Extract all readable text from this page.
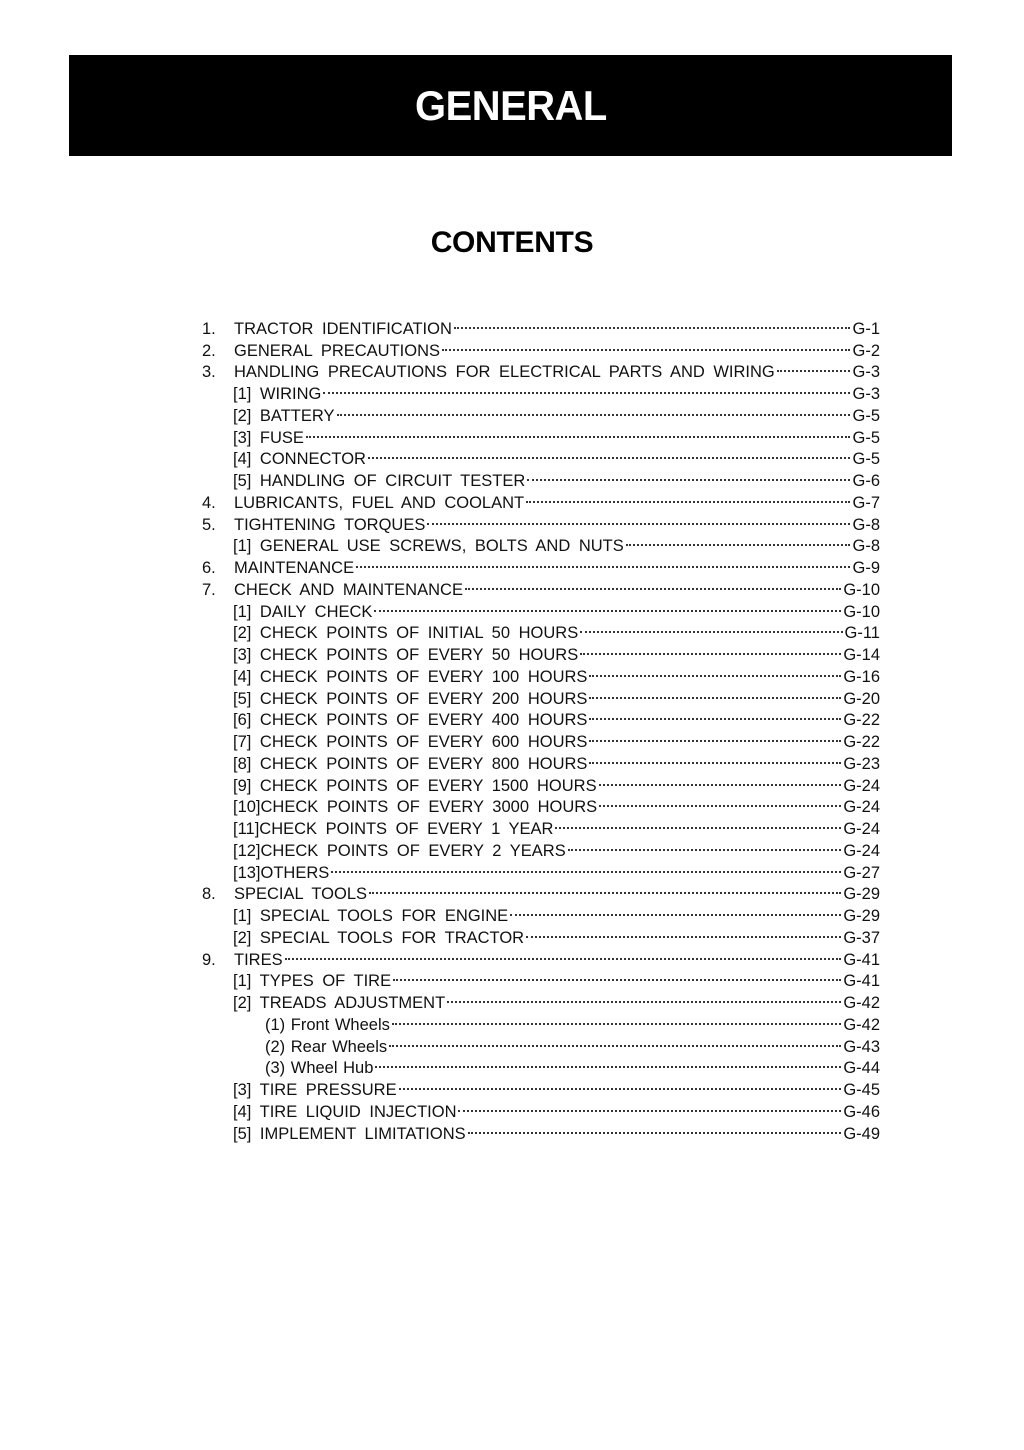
GENERAL
CONTENTS
1.	TRACTOR IDENTIFICATION	G-1
2.	GENERAL PRECAUTIONS	G-2
3.	HANDLING PRECAUTIONS FOR ELECTRICAL PARTS AND WIRING	G-3
[1] WIRING	G-3
[2] BATTERY	G-5
[3] FUSE	G-5
[4] CONNECTOR	G-5
[5] HANDLING OF CIRCUIT TESTER	G-6
4.	LUBRICANTS, FUEL AND COOLANT	G-7
5.	TIGHTENING TORQUES	G-8
[1] GENERAL USE SCREWS, BOLTS AND NUTS	G-8
6.	MAINTENANCE	G-9
7.	CHECK AND MAINTENANCE	G-10
[1] DAILY CHECK	G-10
[2] CHECK POINTS OF INITIAL 50 HOURS	G-11
[3] CHECK POINTS OF EVERY 50 HOURS	G-14
[4] CHECK POINTS OF EVERY 100 HOURS	G-16
[5] CHECK POINTS OF EVERY 200 HOURS	G-20
[6] CHECK POINTS OF EVERY 400 HOURS	G-22
[7] CHECK POINTS OF EVERY 600 HOURS	G-22
[8] CHECK POINTS OF EVERY 800 HOURS	G-23
[9] CHECK POINTS OF EVERY 1500 HOURS	G-24
[10]CHECK POINTS OF EVERY 3000 HOURS	G-24
[11]CHECK POINTS OF EVERY 1 YEAR	G-24
[12]CHECK POINTS OF EVERY 2 YEARS	G-24
[13]OTHERS	G-27
8.	SPECIAL TOOLS	G-29
[1] SPECIAL TOOLS FOR ENGINE	G-29
[2] SPECIAL TOOLS FOR TRACTOR	G-37
9.	TIRES	G-41
[1] TYPES OF TIRE	G-41
[2] TREADS ADJUSTMENT	G-42
(1) Front Wheels	G-42
(2) Rear Wheels	G-43
(3) Wheel Hub	G-44
[3] TIRE PRESSURE	G-45
[4] TIRE LIQUID INJECTION	G-46
[5] IMPLEMENT LIMITATIONS	G-49
